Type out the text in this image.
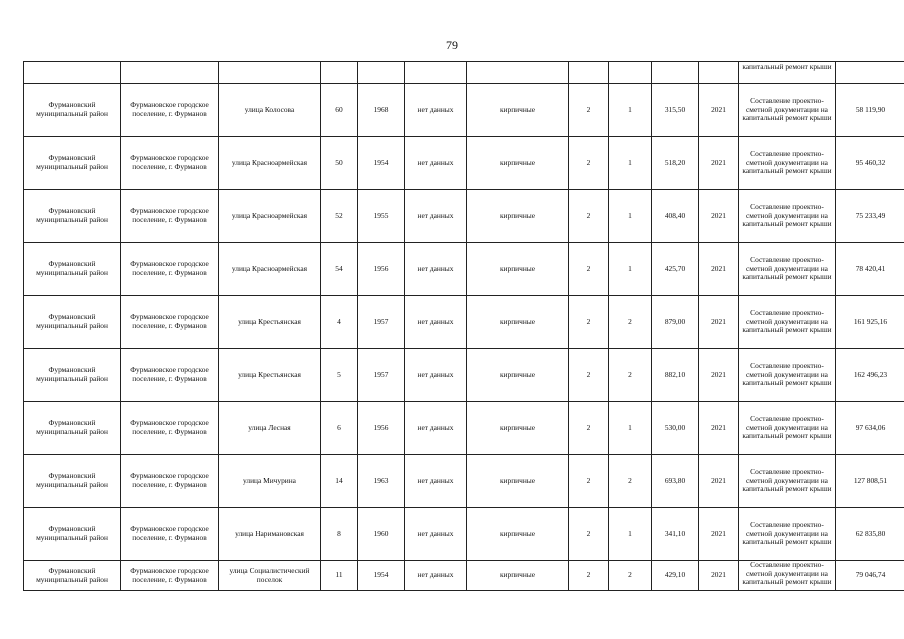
79

											капитальный ремонт крыши	

Фурмановский муниципальный район	Фурмановское городское поселение, г. Фурманов	улица Колосова	60	1968	нет данных	кирпичные	2	1	315,50	2021	Составление проектно-сметной документации на капитальный ремонт крыши	58 119,90
Фурмановский муниципальный район	Фурмановское городское поселение, г. Фурманов	улица Красноармейская	50	1954	нет данных	кирпичные	2	1	518,20	2021	Составление проектно-сметной документации на капитальный ремонт крыши	95 460,32
Фурмановский муниципальный район	Фурмановское городское поселение, г. Фурманов	улица Красноармейская	52	1955	нет данных	кирпичные	2	1	408,40	2021	Составление проектно-сметной документации на капитальный ремонт крыши	75 233,49
Фурмановский муниципальный район	Фурмановское городское поселение, г. Фурманов	улица Красноармейская	54	1956	нет данных	кирпичные	2	1	425,70	2021	Составление проектно-сметной документации на капитальный ремонт крыши	78 420,41
Фурмановский муниципальный район	Фурмановское городское поселение, г. Фурманов	улица Крестьянская	4	1957	нет данных	кирпичные	2	2	879,00	2021	Составление проектно-сметной документации на капитальный ремонт крыши	161 925,16
Фурмановский муниципальный район	Фурмановское городское поселение, г. Фурманов	улица Крестьянская	5	1957	нет данных	кирпичные	2	2	882,10	2021	Составление проектно-сметной документации на капитальный ремонт крыши	162 496,23
Фурмановский муниципальный район	Фурмановское городское поселение, г. Фурманов	улица Лесная	6	1956	нет данных	кирпичные	2	1	530,00	2021	Составление проектно-сметной документации на капитальный ремонт крыши	97 634,06
Фурмановский муниципальный район	Фурмановское городское поселение, г. Фурманов	улица Мичурина	14	1963	нет данных	кирпичные	2	2	693,80	2021	Составление проектно-сметной документации на капитальный ремонт крыши	127 808,51
Фурмановский муниципальный район	Фурмановское городское поселение, г. Фурманов	улица Наримановская	8	1960	нет данных	кирпичные	2	1	341,10	2021	Составление проектно-сметной документации на капитальный ремонт крыши	62 835,80
Фурмановский муниципальный район	Фурмановское городское поселение, г. Фурманов	улица Социалистический поселок	11	1954	нет данных	кирпичные	2	2	429,10	2021	Составление проектно-сметной документации на капитальный ремонт крыши	79 046,74
